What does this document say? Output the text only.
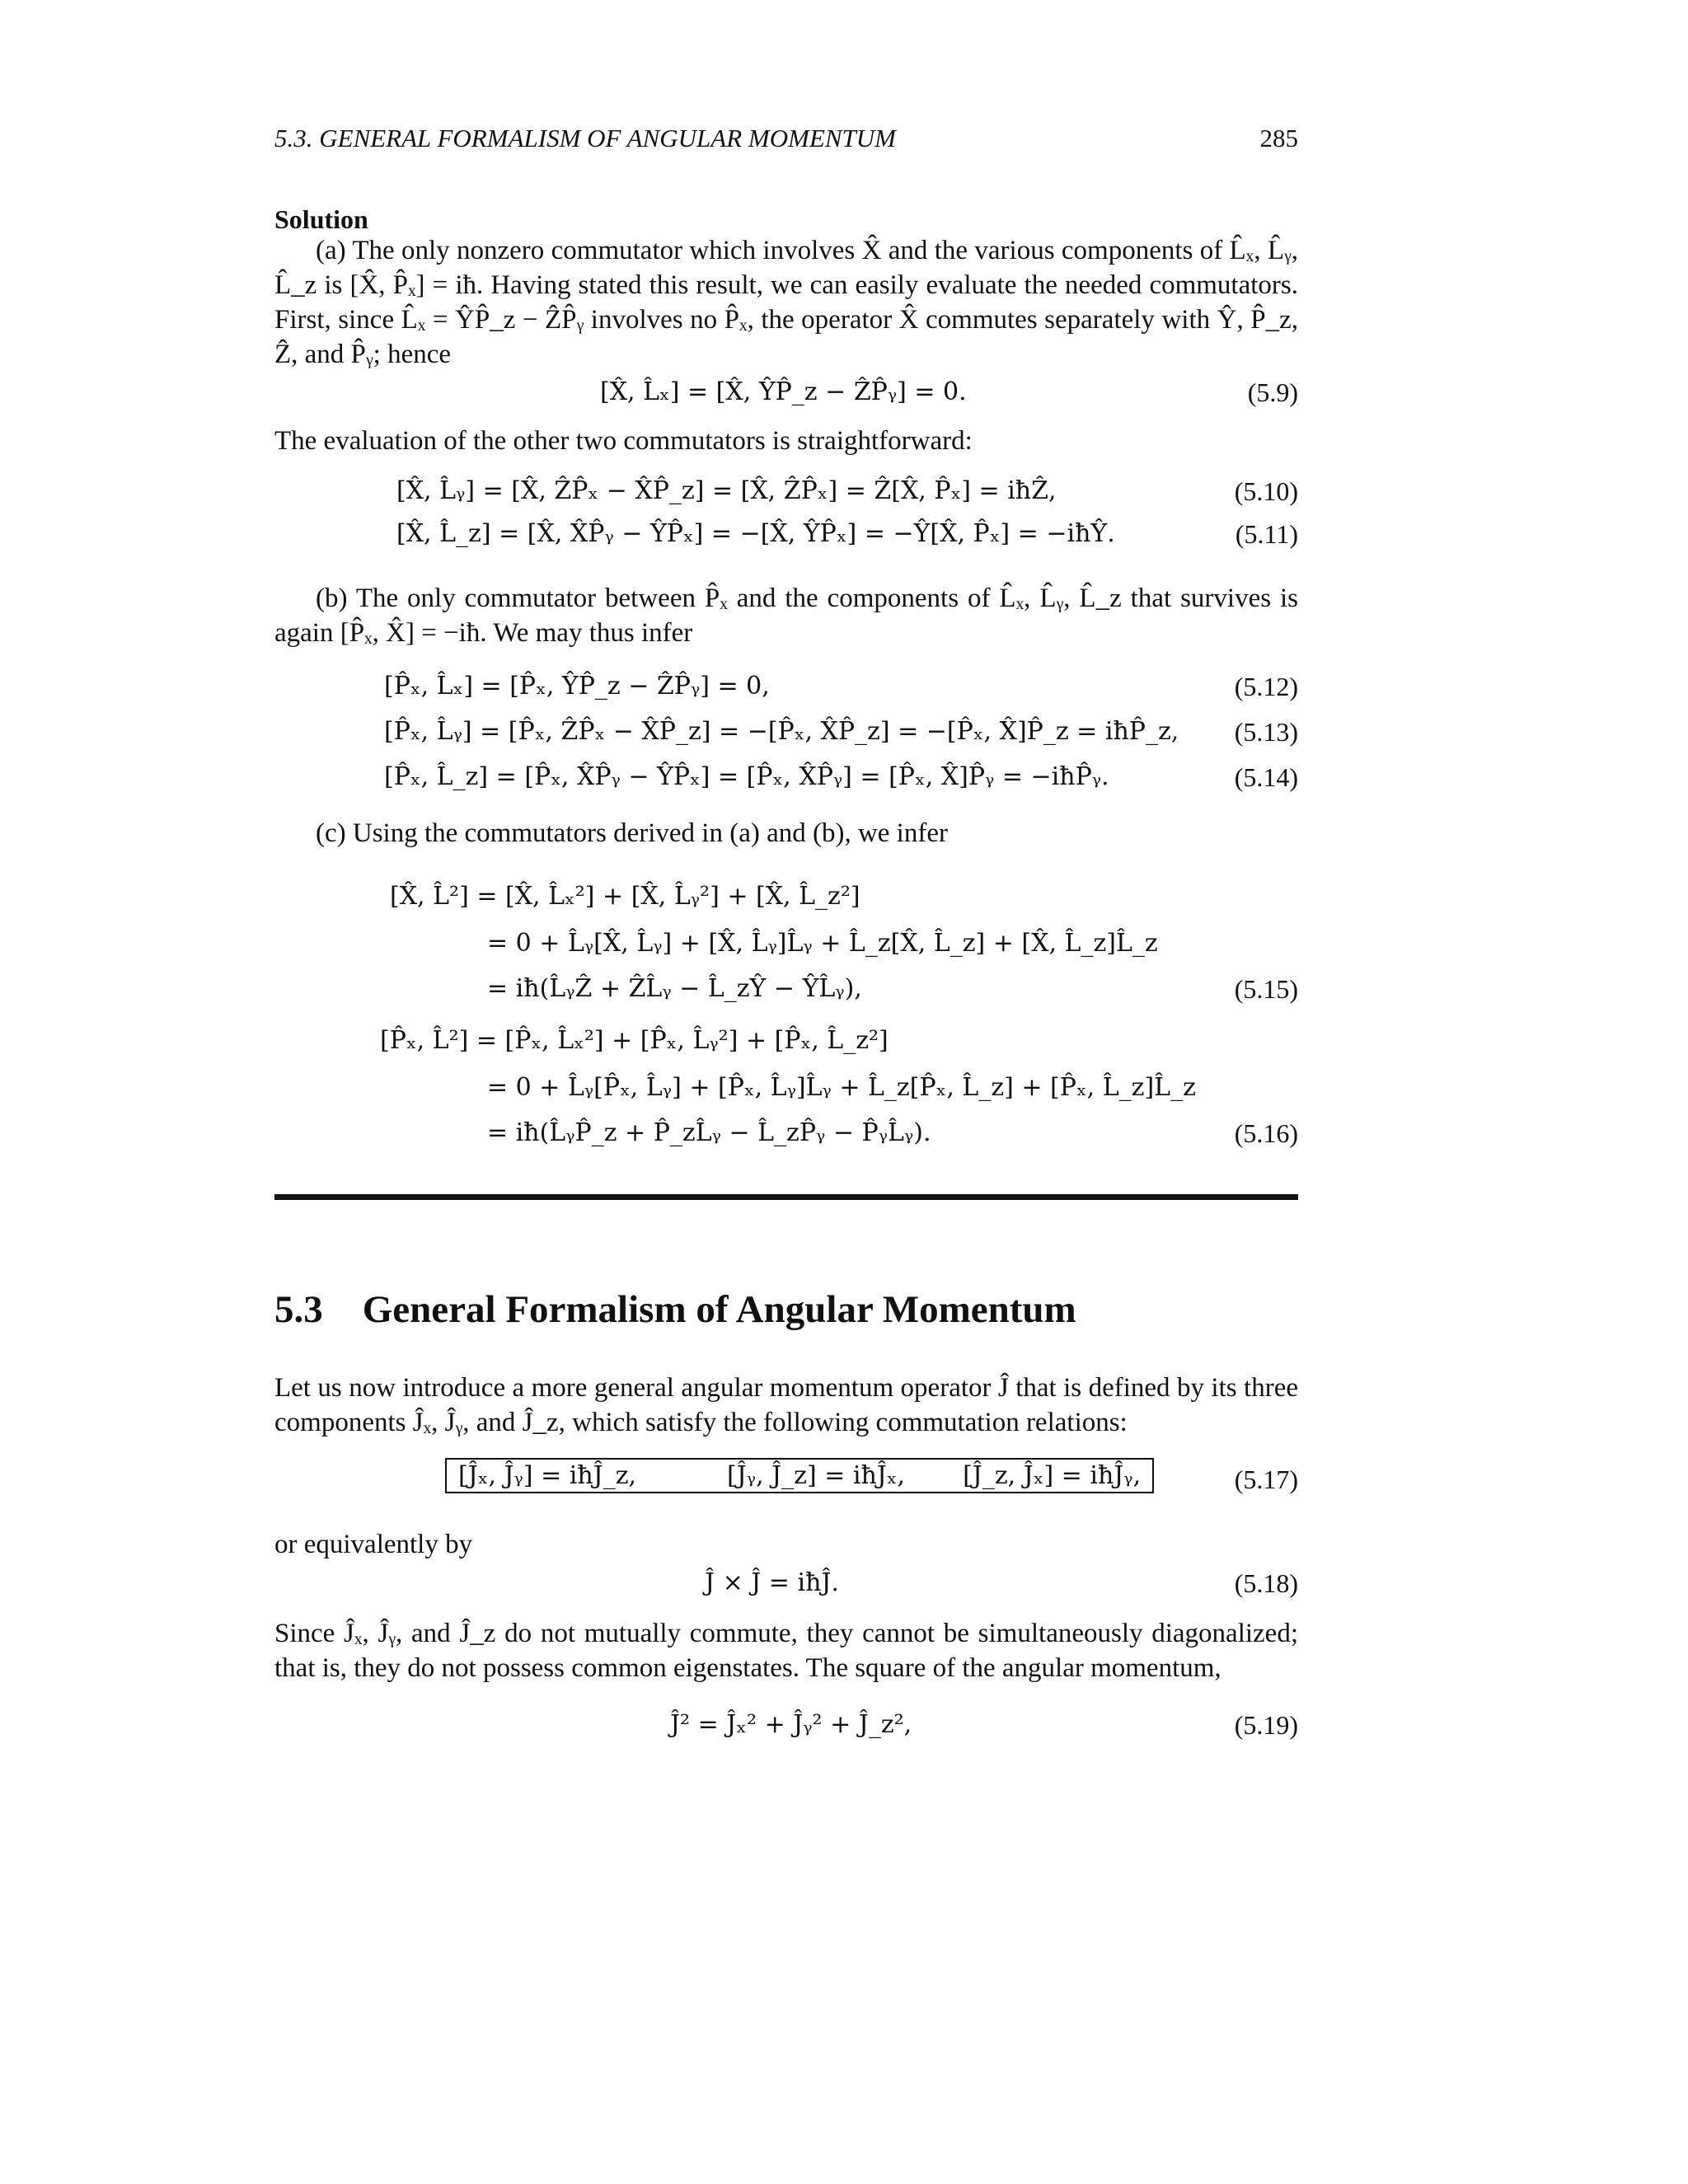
5.3. GENERAL FORMALISM OF ANGULAR MOMENTUM	285
Solution
(a) The only nonzero commutator which involves X̂ and the various components of L̂ₓ, L̂ᵧ, L̂_z is [X̂, P̂ₓ] = iħ. Having stated this result, we can easily evaluate the needed commutators. First, since L̂ₓ = ŶP̂_z − ẐP̂ᵧ involves no P̂ₓ, the operator X̂ commutes separately with Ŷ, P̂_z, Ẑ, and P̂ᵧ; hence
[X̂, L̂ₓ] = [X̂, ŶP̂_z − ẐP̂ᵧ] = 0.	(5.9)
The evaluation of the other two commutators is straightforward:
[X̂, L̂ᵧ] = [X̂, ẐP̂ₓ − X̂P̂_z] = [X̂, ẐP̂ₓ] = Ẑ[X̂, P̂ₓ] = iħẐ,	(5.10)
[X̂, L̂_z] = [X̂, X̂P̂ᵧ − ŶP̂ₓ] = −[X̂, ŶP̂ₓ] = −Ŷ[X̂, P̂ₓ] = −iħŶ.	(5.11)
(b) The only commutator between P̂ₓ and the components of L̂ₓ, L̂ᵧ, L̂_z that survives is again [P̂ₓ, X̂] = −iħ. We may thus infer
[P̂ₓ, L̂ₓ] = [P̂ₓ, ŶP̂_z − ẐP̂ᵧ] = 0,	(5.12)
[P̂ₓ, L̂ᵧ] = [P̂ₓ, ẐP̂ₓ − X̂P̂_z] = −[P̂ₓ, X̂P̂_z] = −[P̂ₓ, X̂]P̂_z = iħP̂_z, (5.13)
[P̂ₓ, L̂_z] = [P̂ₓ, X̂P̂ᵧ − ŶP̂ₓ] = [P̂ₓ, X̂P̂ᵧ] = [P̂ₓ, X̂]P̂ᵧ = −iħP̂ᵧ.	(5.14)
(c) Using the commutators derived in (a) and (b), we infer
[X̂, L̂²] = [X̂, L̂ₓ²] + [X̂, L̂ᵧ²] + [X̂, L̂_z²]
= 0 + L̂ᵧ[X̂, L̂ᵧ] + [X̂, L̂ᵧ]L̂ᵧ + L̂_z[X̂, L̂_z] + [X̂, L̂_z]L̂_z
= iħ(L̂ᵧẐ + ẐL̂ᵧ − L̂_zŶ − ŶL̂ᵧ),	(5.15)
[P̂ₓ, L̂²] = [P̂ₓ, L̂ₓ²] + [P̂ₓ, L̂ᵧ²] + [P̂ₓ, L̂_z²]
= 0 + L̂ᵧ[P̂ₓ, L̂ᵧ] + [P̂ₓ, L̂ᵧ]L̂ᵧ + L̂_z[P̂ₓ, L̂_z] + [P̂ₓ, L̂_z]L̂_z
= iħ(L̂ᵧP̂_z + P̂_zL̂ᵧ − L̂_zP̂ᵧ − P̂ᵧL̂ᵧ).	(5.16)
5.3 General Formalism of Angular Momentum
Let us now introduce a more general angular momentum operator Ĵ that is defined by its three components Ĵₓ, Ĵᵧ, and Ĵ_z, which satisfy the following commutation relations:
[Ĵₓ, Ĵᵧ] = iħĴ_z,	[Ĵᵧ, Ĵ_z] = iħĴₓ, [Ĵ_z, Ĵₓ] = iħĴᵧ,	(5.17)
or equivalently by
Ĵ × Ĵ = iħĴ.	(5.18)
Since Ĵₓ, Ĵᵧ, and Ĵ_z do not mutually commute, they cannot be simultaneously diagonalized; that is, they do not possess common eigenstates. The square of the angular momentum,
Ĵ² = Ĵₓ² + Ĵᵧ² + Ĵ_z²,	(5.19)
